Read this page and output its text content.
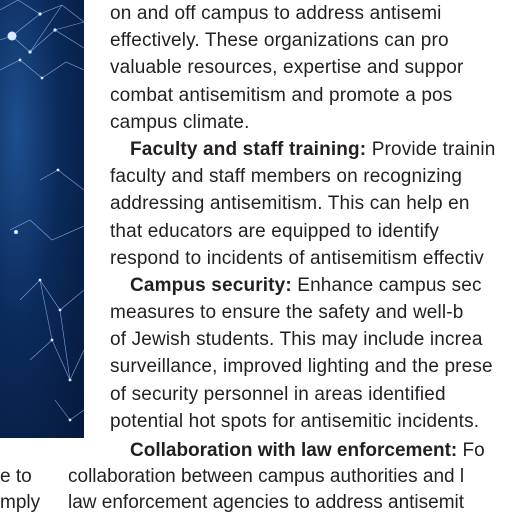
on and off campus to address antisemi
effectively. These organizations can pro
valuable resources, expertise and suppor
combat antisemitism and promote a pos
campus climate.
Faculty and staff training: Provide trainin
faculty and staff members on recognizing
addressing antisemitism. This can help en
that educators are equipped to identify
respond to incidents of antisemitism effectiv
Campus security: Enhance campus sec
measures to ensure the safety and well-b
of Jewish students. This may include increa
surveillance, improved lighting and the prese
of security personnel in areas identified
potential hot spots for antisemitic incidents.
Collaboration with law enforcement: Fo
e to collaboration between campus authorities and l
mply law enforcement agencies to address antisemit
